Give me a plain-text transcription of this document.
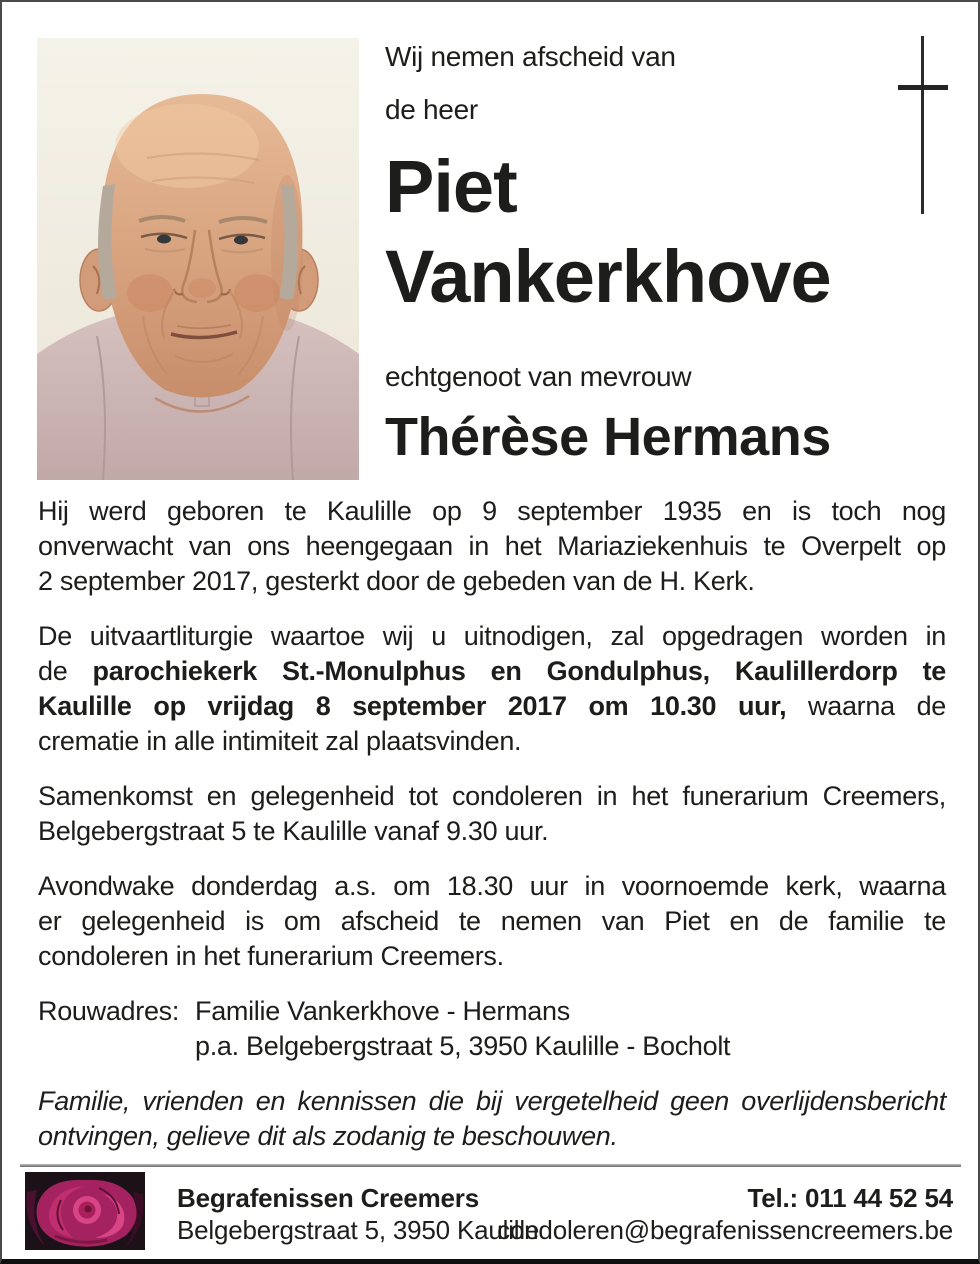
Wij nemen afscheid van
de heer
Piet
Vankerkhove
echtgenoot van mevrouw
Thérèse Hermans
Hij werd geboren te Kaulille op 9 september 1935 en is toch nog
onverwacht van ons heengegaan in het Mariaziekenhuis te Overpelt op
2 september 2017, gesterkt door de gebeden van de H. Kerk.
De uitvaartliturgie waartoe wij u uitnodigen, zal opgedragen worden in
de parochiekerk St.-Monulphus en Gondulphus, Kaulillerdorp te
Kaulille op vrijdag 8 september 2017 om 10.30 uur, waarna de
crematie in alle intimiteit zal plaatsvinden.
Samenkomst en gelegenheid tot condoleren in het funerarium Creemers,
Belgebergstraat 5 te Kaulille vanaf 9.30 uur.
Avondwake donderdag a.s. om 18.30 uur in voornoemde kerk, waarna
er gelegenheid is om afscheid te nemen van Piet en de familie te
condoleren in het funerarium Creemers.
Rouwadres: Familie Vankerkhove - Hermans
p.a. Belgebergstraat 5, 3950 Kaulille - Bocholt
Familie, vrienden en kennissen die bij vergetelheid geen overlijdensbericht
ontvingen, gelieve dit als zodanig te beschouwen.
Begrafenissen Creemers
Belgebergstraat 5, 3950 Kaulille
Tel.: 011 44 52 54
condoleren@begrafenissencreemers.be
